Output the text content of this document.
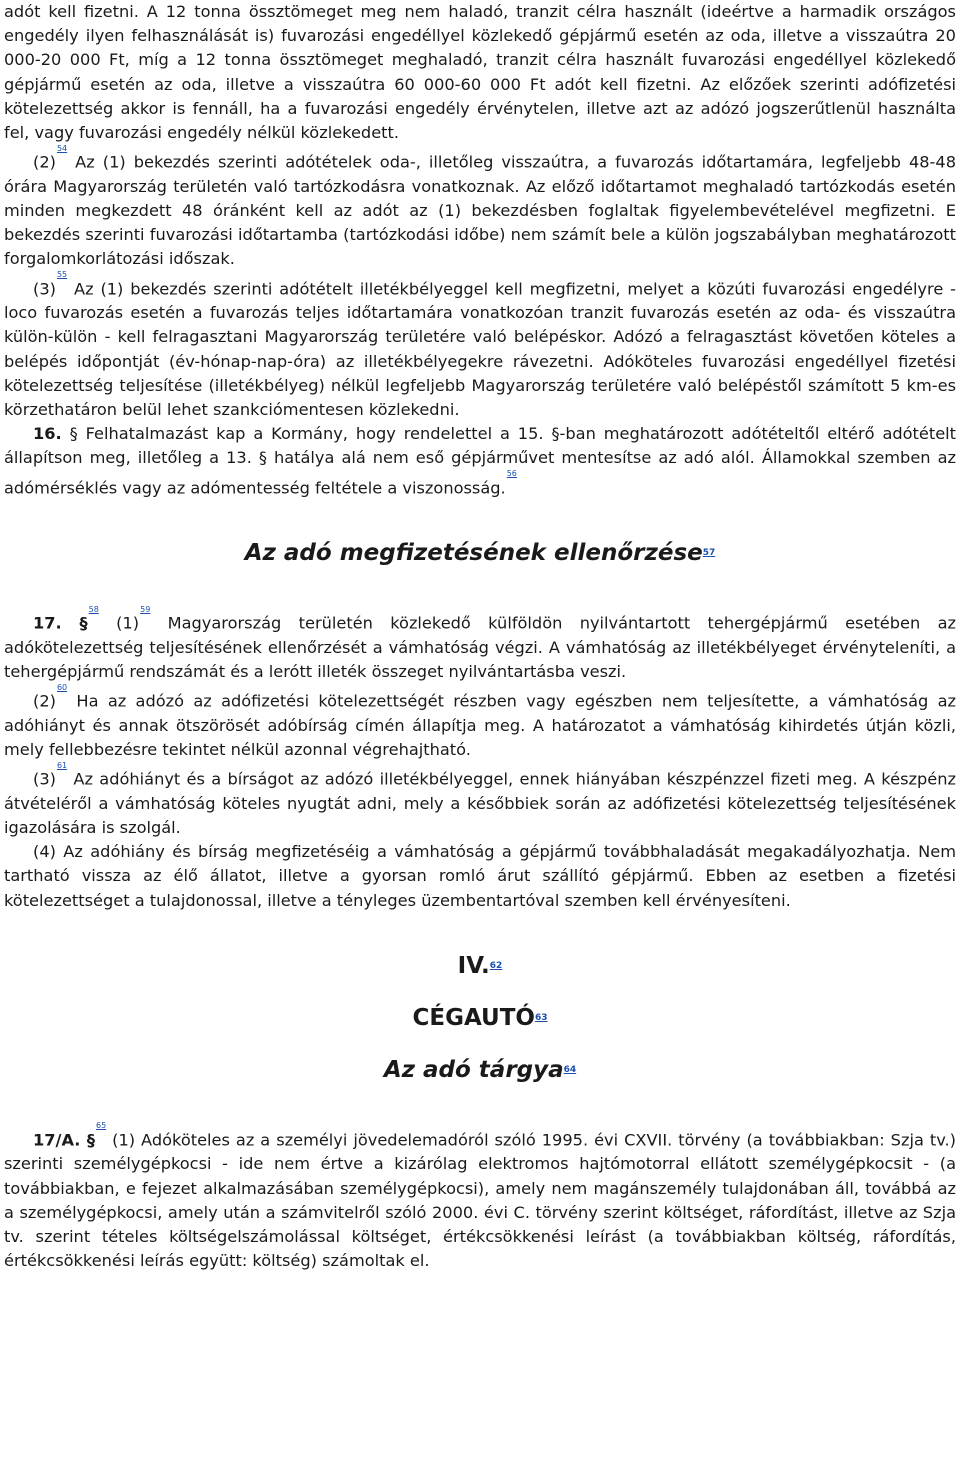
adót kell fizetni. A 12 tonna össztömeget meg nem haladó, tranzit célra használt (ideértve a harmadik országos engedély ilyen felhasználását is) fuvarozási engedéllyel közlekedő gépjármű esetén az oda, illetve a visszaútra 20 000-20 000 Ft, míg a 12 tonna össztömeget meghaladó, tranzit célra használt fuvarozási engedéllyel közlekedő gépjármű esetén az oda, illetve a visszaútra 60 000-60 000 Ft adót kell fizetni. Az előzőek szerinti adófizetési kötelezettség akkor is fennáll, ha a fuvarozási engedély érvénytelen, illetve azt az adózó jogszerűtlenül használta fel, vagy fuvarozási engedély nélkül közlekedett.

(2)$^{^{54}}$ Az (1) bekezdés szerinti adótételek oda-, illetőleg visszaútra, a fuvarozás időtartamára, legfeljebb 48-48 órára Magyarország területén való tartózkodásra vonatkoznak. Az előző időtartamot meghaladó tartózkodás esetén minden megkezdett 48 óránként kell az adót az (1) bekezdésben foglaltak figyelembevételével megfizetni. E bekezdés szerinti fuvarozási időtartamba (tartózkodási időbe) nem számít bele a külön jogszabályban meghatározott forgalomkorlátozási időszak.

(3)$^{^{55}}$ Az (1) bekezdés szerinti adótételt illetékbélyeggel kell megfizetni, melyet a közúti fuvarozási engedélyre - loco fuvarozás esetén a fuvarozás teljes időtartamára vonatkozóan tranzit fuvarozás esetén az oda- és visszaútra külön-külön - kell felragasztani Magyarország területére való belépéskor. Adózó a felragasztást követően köteles a belépés időpontját (év-hónap-nap-óra) az illetékbélyegekre rávezetni. Adóköteles fuvarozási engedéllyel fizetési kötelezettség teljesítése (illetékbélyeg) nélkül legfeljebb Magyarország területére való belépéstől számított 5 km-es körzethatáron belül lehet szankciómentesen közlekedni.

16. § Felhatalmazást kap a Kormány, hogy rendelettel a 15. §-ban meghatározott adótételtől eltérő adótételt állapítson meg, illetőleg a 13. § hatálya alá nem eső gépjárművet mentesítse az adó alól. Államokkal szemben az adómérséklés vagy az adómentesség feltétele a viszonosság.$^{^{56}}$

Az adó megfizetésének ellenőrzése$^{57}$

17. §$^{^{58}}$ (1)$^{^{59}}$ Magyarország területén közlekedő külföldön nyilvántartott tehergépjármű esetében az adókötelezettség teljesítésének ellenőrzését a vámhatóság végzi. A vámhatóság az illetékbélyeget érvényteleníti, a tehergépjármű rendszámát és a lerótt illeték összeget nyilvántartásba veszi.

(2)$^{^{60}}$ Ha az adózó az adófizetési kötelezettségét részben vagy egészben nem teljesítette, a vámhatóság az adóhiányt és annak ötszörösét adóbírság címén állapítja meg. A határozatot a vámhatóság kihirdetés útján közli, mely fellebbezésre tekintet nélkül azonnal végrehajtható.

(3)$^{^{61}}$ Az adóhiányt és a bírságot az adózó illetékbélyeggel, ennek hiányában készpénzzel fizeti meg. A készpénz átvételéről a vámhatóság köteles nyugtát adni, mely a későbbiek során az adófizetési kötelezettség teljesítésének igazolására is szolgál.

(4) Az adóhiány és bírság megfizetéséig a vámhatóság a gépjármű továbbhaladását megakadályozhatja. Nem tartható vissza az élő állatot, illetve a gyorsan romló árut szállító gépjármű. Ebben az esetben a fizetési kötelezettséget a tulajdonossal, illetve a tényleges üzembentartóval szemben kell érvényesíteni.

IV.$^{62}$
CÉGAUTÓ$^{63}$
Az adó tárgya$^{64}$

17/A. §$^{^{65}}$ (1) Adóköteles az a személyi jövedelemadóról szóló 1995. évi CXVII. törvény (a továbbiakban: Szja tv.) szerinti személygépkocsi - ide nem értve a kizárólag elektromos hajtómotorral ellátott személygépkocsit - (a továbbiakban, e fejezet alkalmazásában személygépkocsi), amely nem magánszemély tulajdonában áll, továbbá az a személygépkocsi, amely után a számvitelről szóló 2000. évi C. törvény szerint költséget, ráfordítást, illetve az Szja tv. szerint tételes költségelszámolással költséget, értékcsökkenési leírást (a továbbiakban költség, ráfordítás, értékcsökkenési leírás együtt: költség) számoltak el.
